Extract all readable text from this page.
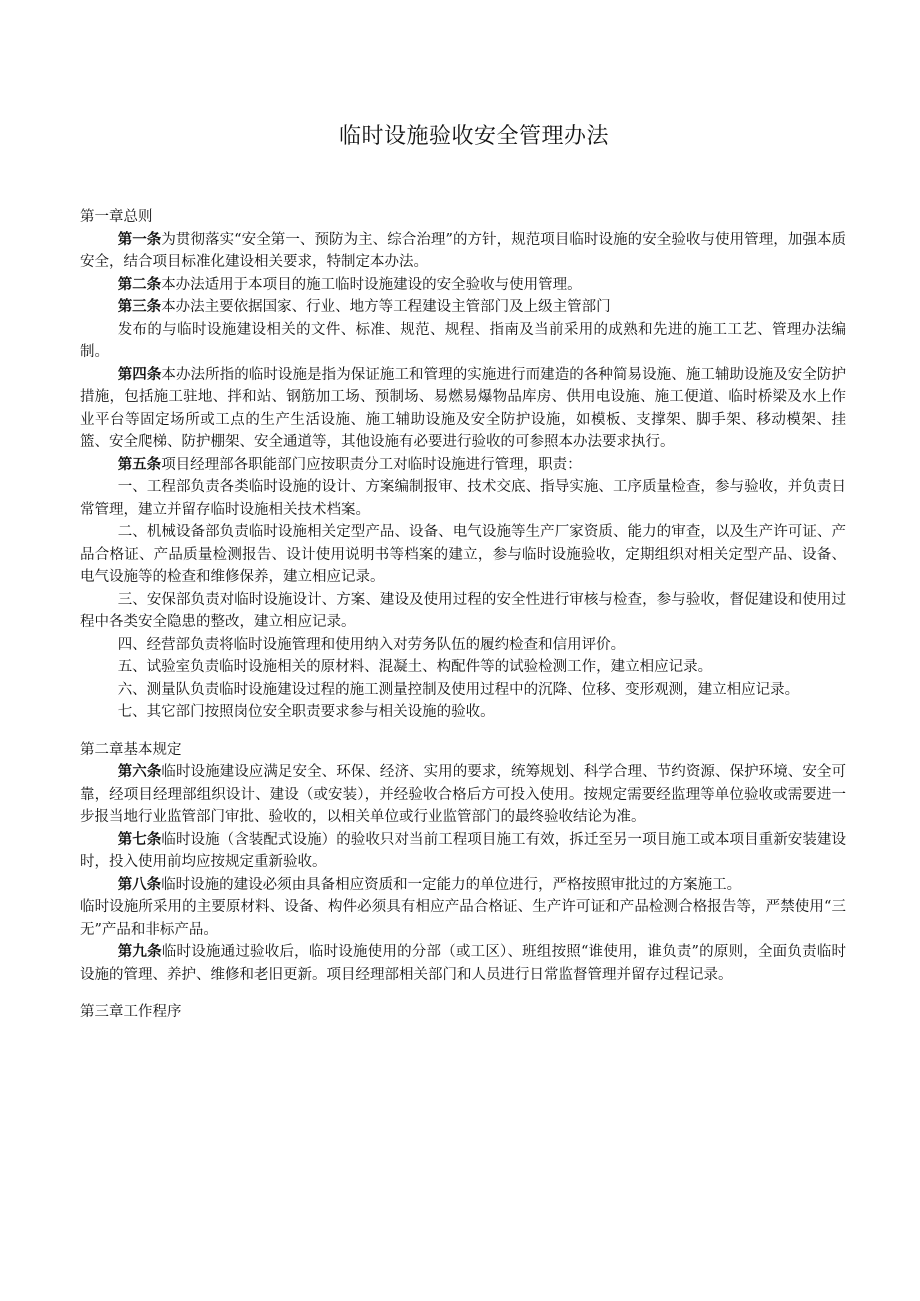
临时设施验收安全管理办法

第一章总则

第一条为贯彻落实“安全第一、预防为主、综合治理”的方针，规范项目临时设施的安全验收与使用管理，加强本质安全，结合项目标准化建设相关要求，特制定本办法。

第二条本办法适用于本项目的施工临时设施建设的安全验收与使用管理。

第三条本办法主要依据国家、行业、地方等工程建设主管部门及上级主管部门

发布的与临时设施建设相关的文件、标准、规范、规程、指南及当前采用的成熟和先进的施工工艺、管理办法编制。

第四条本办法所指的临时设施是指为保证施工和管理的实施进行而建造的各种简易设施、施工辅助设施及安全防护措施，包括施工驻地、拌和站、钢筋加工场、预制场、易燃易爆物品库房、供用电设施、施工便道、临时桥梁及水上作业平台等固定场所或工点的生产生活设施、施工辅助设施及安全防护设施，如模板、支撑架、脚手架、移动模架、挂篮、安全爬梯、防护棚架、安全通道等，其他设施有必要进行验收的可参照本办法要求执行。

第五条项目经理部各职能部门应按职责分工对临时设施进行管理，职责：

一、工程部负责各类临时设施的设计、方案编制报审、技术交底、指导实施、工序质量检查，参与验收，并负责日常管理，建立并留存临时设施相关技术档案。

二、机械设备部负责临时设施相关定型产品、设备、电气设施等生产厂家资质、能力的审查，以及生产许可证、产品合格证、产品质量检测报告、设计使用说明书等档案的建立，参与临时设施验收，定期组织对相关定型产品、设备、电气设施等的检查和维修保养，建立相应记录。

三、安保部负责对临时设施设计、方案、建设及使用过程的安全性进行审核与检查，参与验收，督促建设和使用过程中各类安全隐患的整改，建立相应记录。

四、经营部负责将临时设施管理和使用纳入对劳务队伍的履约检查和信用评价。

五、试验室负责临时设施相关的原材料、混凝土、构配件等的试验检测工作，建立相应记录。

六、测量队负责临时设施建设过程的施工测量控制及使用过程中的沉降、位移、变形观测，建立相应记录。

七、其它部门按照岗位安全职责要求参与相关设施的验收。

第二章基本规定

第六条临时设施建设应满足安全、环保、经济、实用的要求，统筹规划、科学合理、节约资源、保护环境、安全可靠，经项目经理部组织设计、建设（或安装），并经验收合格后方可投入使用。按规定需要经监理等单位验收或需要进一步报当地行业监管部门审批、验收的，以相关单位或行业监管部门的最终验收结论为准。

第七条临时设施（含装配式设施）的验收只对当前工程项目施工有效，拆迁至另一项目施工或本项目重新安装建设时，投入使用前均应按规定重新验收。

第八条临时设施的建设必须由具备相应资质和一定能力的单位进行，严格按照审批过的方案施工。

临时设施所采用的主要原材料、设备、构件必须具有相应产品合格证、生产许可证和产品检测合格报告等，严禁使用“三无”产品和非标产品。

第九条临时设施通过验收后，临时设施使用的分部（或工区）、班组按照“谁使用，谁负责”的原则，全面负责临时设施的管理、养护、维修和老旧更新。项目经理部相关部门和人员进行日常监督管理并留存过程记录。

第三章工作程序
